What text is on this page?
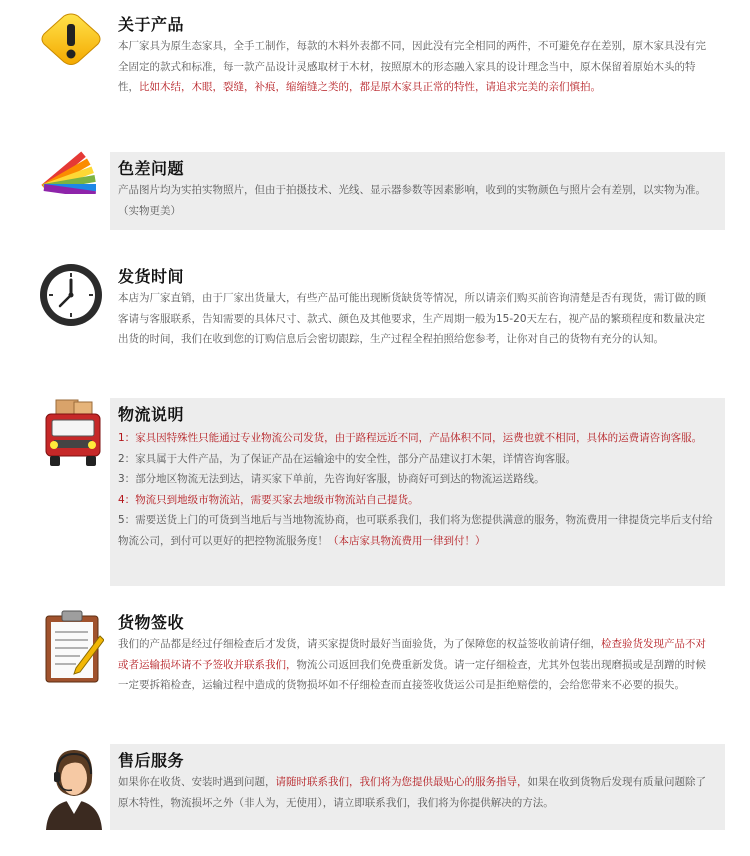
关于产品
本厂家具为原生态家具，全手工制作，每款的木料外表都不同，因此没有完全相同的两件，不可避免存在差别，原木家具没有完全固定的款式和标准，每一款产品设计灵感取材于木材，按照原木的形态融入家具的设计理念当中，原木保留着原始木头的特性，比如木结，木眼，裂缝，补痕，缩缩缝之类的，都是原木家具正常的特性，请追求完美的亲们慎拍。
色差问题
产品图片均为实拍实物照片，但由于拍摄技术、光线、显示器参数等因素影响，收到的实物颜色与照片会有差别，以实物为准。（实物更美）
发货时间
本店为厂家直销，由于厂家出货量大，有些产品可能出现断货缺货等情况，所以请亲们购买前咨询清楚是否有现货，需订做的顾客请与客服联系，告知需要的具体尺寸、款式、颜色及其他要求，生产周期一般为15-20天左右，视产品的繁琐程度和数量决定出货的时间，我们在收到您的订购信息后会密切跟踪，生产过程全程拍照给您参考，让你对自己的货物有充分的认知。
物流说明
1：家具因特殊性只能通过专业物流公司发货，由于路程远近不同，产品体积不同，运费也就不相同，具体的运费请咨询客服。
2：家具属于大件产品，为了保证产品在运输途中的安全性，部分产品建议打木架，详情咨询客服。
3：部分地区物流无法到达，请买家下单前，先咨询好客服，协商好可到达的物流运送路线。
4：物流只到地级市物流站，需要买家去地级市物流站自己提货。
5：需要送货上门的可货到当地后与当地物流协商，也可联系我们，我们将为您提供满意的服务，物流费用一律提货完毕后支付给物流公司，到付可以更好的把控物流服务度！（本店家具物流费用一律到付！）
货物签收
我们的产品都是经过仔细检查后才发货，请买家提货时最好当面验货，为了保障您的权益签收前请仔细，检查验货发现产品不对或者运输损坏请不予签收并联系我们，物流公司返回我们免费重新发货。请一定仔细检查，尤其外包装出现磨损或是刮蹭的时候一定要拆箱检查，运输过程中造成的货物损坏如不仔细检查而直接签收货运公司是拒绝赔偿的，会给您带来不必要的损失。
售后服务
如果你在收货、安装时遇到问题，请随时联系我们，我们将为您提供最贴心的服务指导，如果在收到货物后发现有质量问题除了原木特性，物流损坏之外（非人为，无使用），请立即联系我们，我们将为你提供解决的方法。
